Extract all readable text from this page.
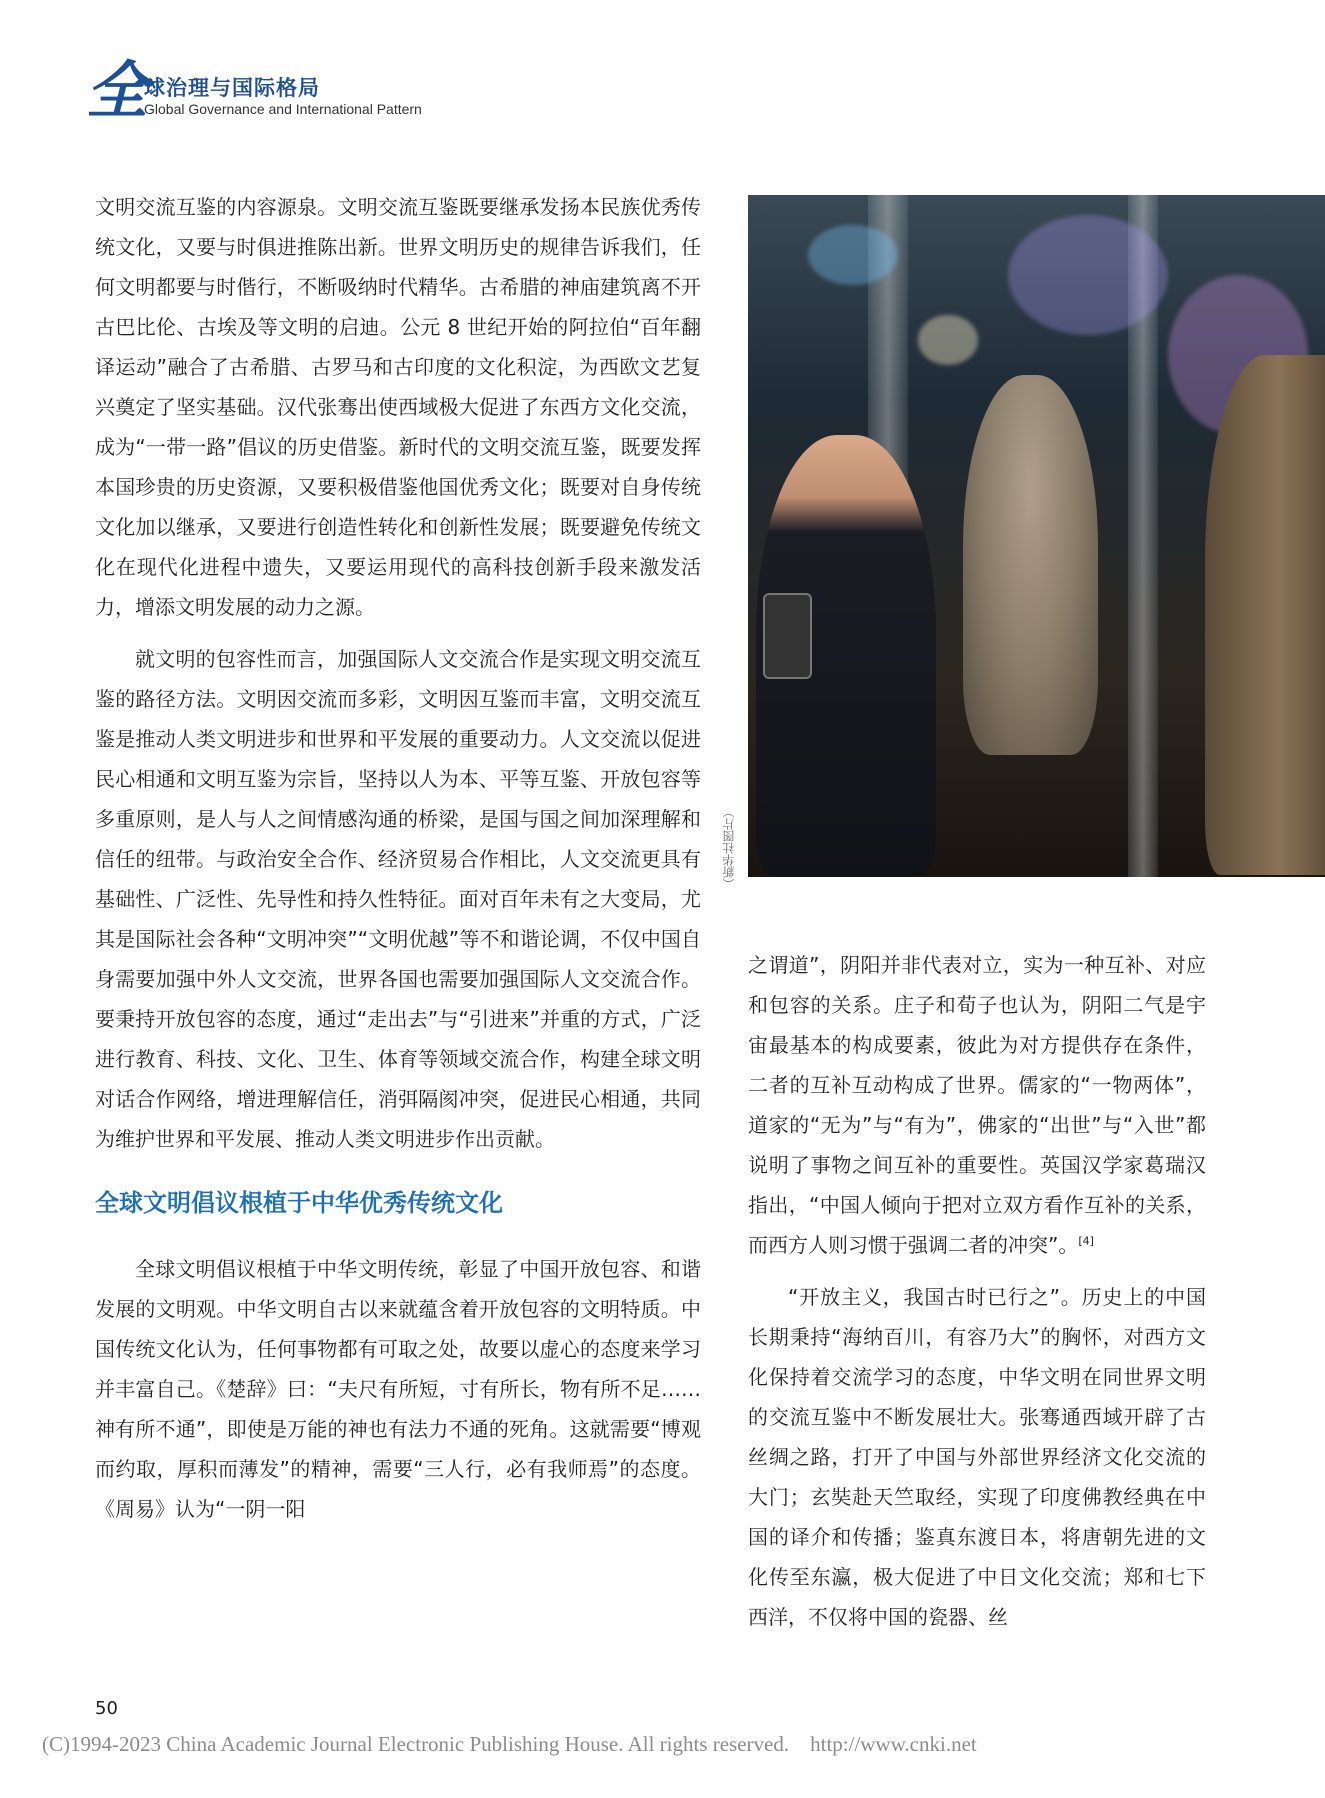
全
球治理与国际格局
Global Governance and International Pattern

文明交流互鉴的内容源泉。文明交流互鉴既要继承发扬本民族优秀传统文化，又要与时俱进推陈出新。世界文明历史的规律告诉我们，任何文明都要与时偕行，不断吸纳时代精华。古希腊的神庙建筑离不开古巴比伦、古埃及等文明的启迪。公元 8 世纪开始的阿拉伯“百年翻译运动”融合了古希腊、古罗马和古印度的文化积淀，为西欧文艺复兴奠定了坚实基础。汉代张骞出使西域极大促进了东西方文化交流，成为“一带一路”倡议的历史借鉴。新时代的文明交流互鉴，既要发挥本国珍贵的历史资源，又要积极借鉴他国优秀文化；既要对自身传统文化加以继承，又要进行创造性转化和创新性发展；既要避免传统文化在现代化进程中遗失，又要运用现代的高科技创新手段来激发活力，增添文明发展的动力之源。

就文明的包容性而言，加强国际人文交流合作是实现文明交流互鉴的路径方法。文明因交流而多彩，文明因互鉴而丰富，文明交流互鉴是推动人类文明进步和世界和平发展的重要动力。人文交流以促进民心相通和文明互鉴为宗旨，坚持以人为本、平等互鉴、开放包容等多重原则，是人与人之间情感沟通的桥梁，是国与国之间加深理解和信任的纽带。与政治安全合作、经济贸易合作相比，人文交流更具有基础性、广泛性、先导性和持久性特征。面对百年未有之大变局，尤其是国际社会各种“文明冲突”“文明优越”等不和谐论调，不仅中国自身需要加强中外人文交流，世界各国也需要加强国际人文交流合作。要秉持开放包容的态度，通过“走出去”与“引进来”并重的方式，广泛进行教育、科技、文化、卫生、体育等领域交流合作，构建全球文明对话合作网络，增进理解信任，消弭隔阂冲突，促进民心相通，共同为维护世界和平发展、推动人类文明进步作出贡献。

全球文明倡议根植于中华优秀传统文化

全球文明倡议根植于中华文明传统，彰显了中国开放包容、和谐发展的文明观。中华文明自古以来就蕴含着开放包容的文明特质。中国传统文化认为，任何事物都有可取之处，故要以虚心的态度来学习并丰富自己。《楚辞》曰：“夫尺有所短，寸有所长，物有所不足……神有所不通”，即使是万能的神也有法力不通的死角。这就需要“博观而约取，厚积而薄发”的精神，需要“三人行，必有我师焉”的态度。《周易》认为“一阴一阳

（新华社图片）

之谓道”，阴阳并非代表对立，实为一种互补、对应和包容的关系。庄子和荀子也认为，阴阳二气是宇宙最基本的构成要素，彼此为对方提供存在条件，二者的互补互动构成了世界。儒家的“一物两体”，道家的“无为”与“有为”，佛家的“出世”与“入世”都说明了事物之间互补的重要性。英国汉学家葛瑞汉指出，“中国人倾向于把对立双方看作互补的关系，而西方人则习惯于强调二者的冲突”。[4]

“开放主义，我国古时已行之”。历史上的中国长期秉持“海纳百川，有容乃大”的胸怀，对西方文化保持着交流学习的态度，中华文明在同世界文明的交流互鉴中不断发展壮大。张骞通西域开辟了古丝绸之路，打开了中国与外部世界经济文化交流的大门；玄奘赴天竺取经，实现了印度佛教经典在中国的译介和传播；鉴真东渡日本，将唐朝先进的文化传至东瀛，极大促进了中日文化交流；郑和七下西洋，不仅将中国的瓷器、丝

50
(C)1994-2023 China Academic Journal Electronic Publishing House. All rights reserved.    http://www.cnki.net
